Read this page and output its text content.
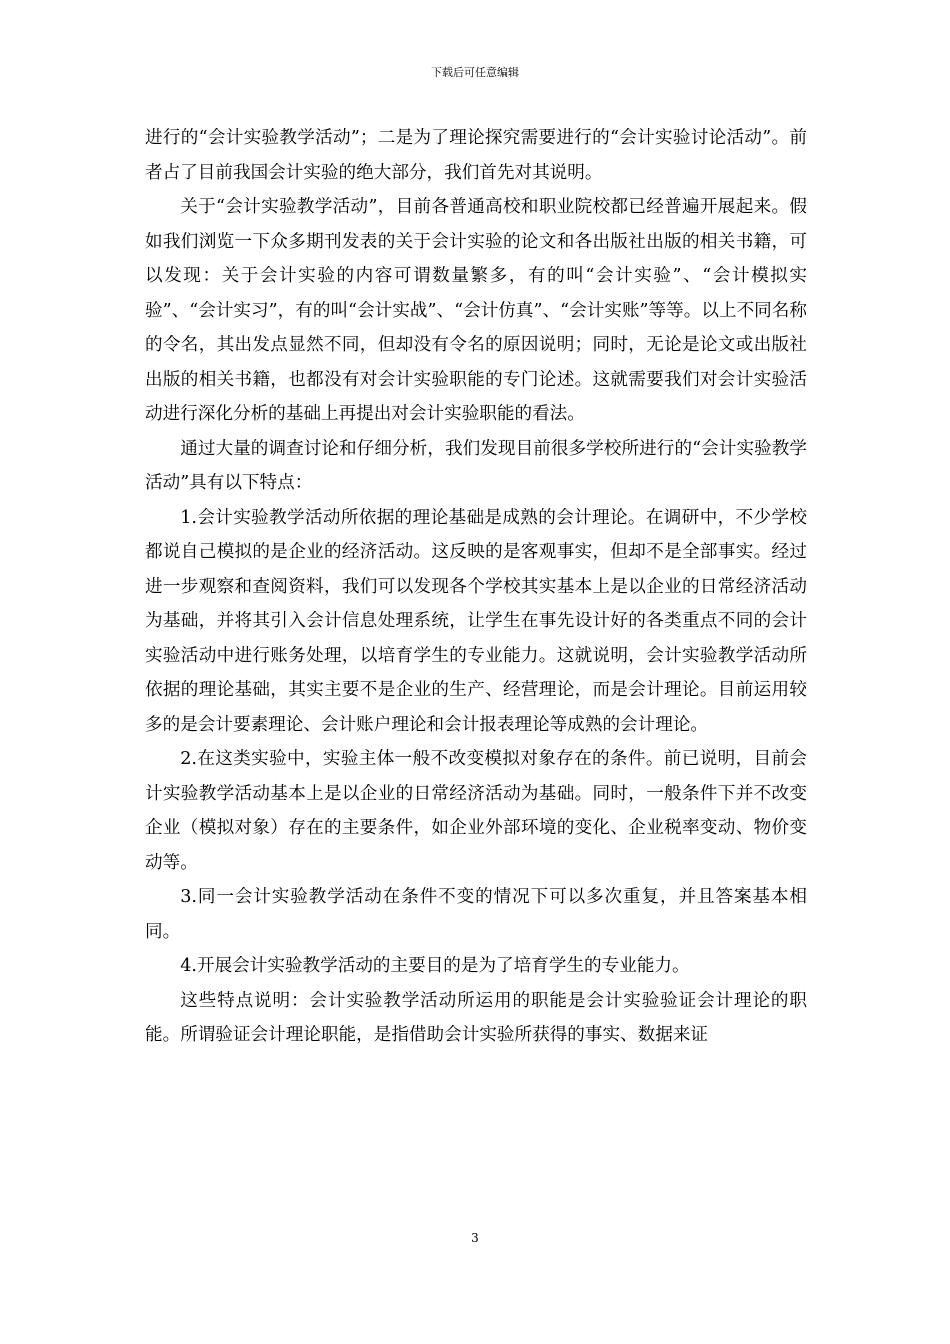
下载后可任意编辑

进行的“会计实验教学活动”；二是为了理论探究需要进行的“会计实验讨论活动”。前者占了目前我国会计实验的绝大部分，我们首先对其说明。

关于“会计实验教学活动”，目前各普通高校和职业院校都已经普遍开展起来。假如我们浏览一下众多期刊发表的关于会计实验的论文和各出版社出版的相关书籍，可以发现：关于会计实验的内容可谓数量繁多，有的叫“会计实验”、“会计模拟实验”、“会计实习”，有的叫“会计实战”、“会计仿真”、“会计实账”等等。以上不同名称的令名，其出发点显然不同，但却没有令名的原因说明；同时，无论是论文或出版社出版的相关书籍，也都没有对会计实验职能的专门论述。这就需要我们对会计实验活动进行深化分析的基础上再提出对会计实验职能的看法。

通过大量的调查讨论和仔细分析，我们发现目前很多学校所进行的“会计实验教学活动”具有以下特点：

1.会计实验教学活动所依据的理论基础是成熟的会计理论。在调研中，不少学校都说自己模拟的是企业的经济活动。这反映的是客观事实，但却不是全部事实。经过进一步观察和查阅资料，我们可以发现各个学校其实基本上是以企业的日常经济活动为基础，并将其引入会计信息处理系统，让学生在事先设计好的各类重点不同的会计实验活动中进行账务处理，以培育学生的专业能力。这就说明，会计实验教学活动所依据的理论基础，其实主要不是企业的生产、经营理论，而是会计理论。目前运用较多的是会计要素理论、会计账户理论和会计报表理论等成熟的会计理论。

2.在这类实验中，实验主体一般不改变模拟对象存在的条件。前已说明，目前会计实验教学活动基本上是以企业的日常经济活动为基础。同时，一般条件下并不改变企业（模拟对象）存在的主要条件，如企业外部环境的变化、企业税率变动、物价变动等。

3.同一会计实验教学活动在条件不变的情况下可以多次重复，并且答案基本相同。

4.开展会计实验教学活动的主要目的是为了培育学生的专业能力。

这些特点说明：会计实验教学活动所运用的职能是会计实验验证会计理论的职能。所谓验证会计理论职能，是指借助会计实验所获得的事实、数据来证

3
